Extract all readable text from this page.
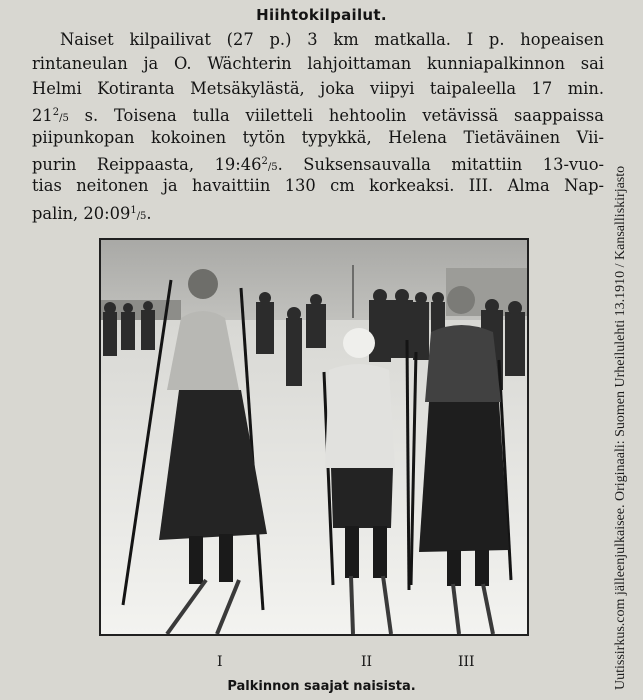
Hiihtokilpailut.
Naiset kilpailivat (27 p.) 3 km matkalla. I p. hopeaisen
rintaneulan ja O. Wächterin lahjoittaman kunniapalkinnon sai
Helmi Kotiranta Metsäkylästä, joka viipyi taipaleella 17 min.
$21^2/5$ s. Toisena tulla viiletteli hehtoolin vetävissä saappaissa
piipunkopan kokoinen tytön typykkä, Helena Tietäväinen Vii-
purin Reippaasta, $19:46^2/5$. Suksensauvalla mitattiin 13-vuo-
tias neitonen ja havaittiin 130 cm korkeaksi. III. Alma Nap-
palin, $20:09^1/5$.
I	II	III
Palkinnon saajat naisista.	Uutissirkus.com jälleenjulkaisee. Originaali: Suomen Urheilulehti 13.1910 / Kansalliskirjasto
